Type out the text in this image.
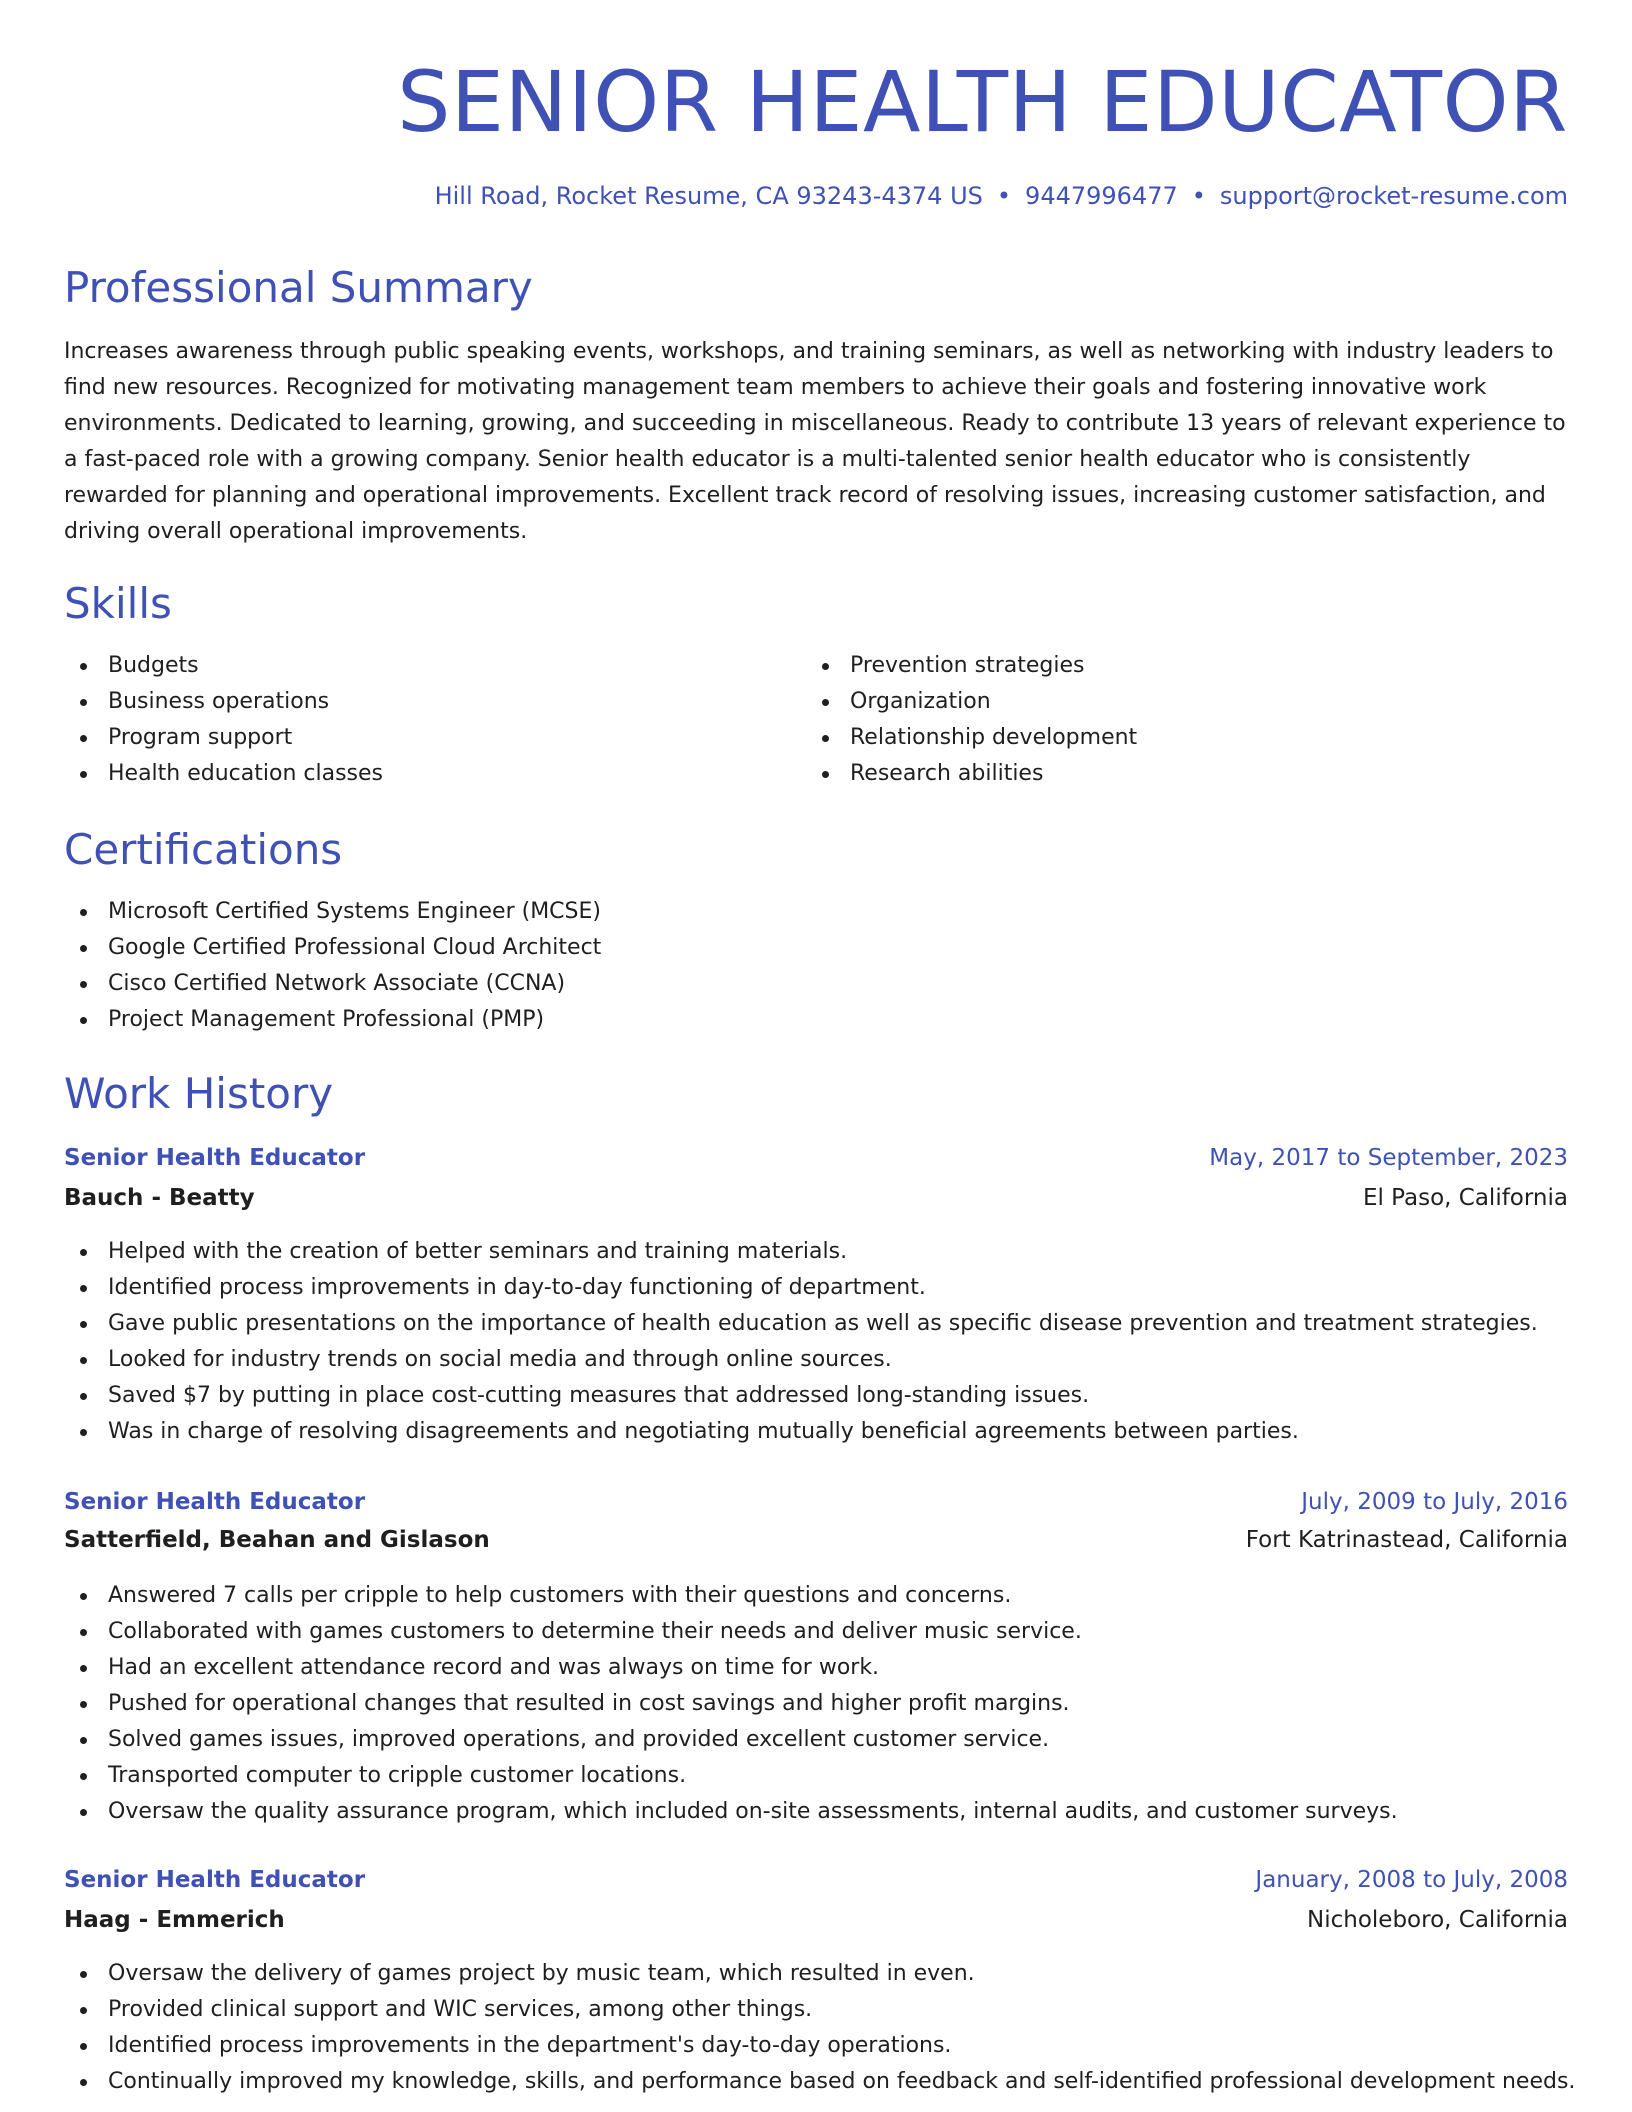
SENIOR HEALTH EDUCATOR
Hill Road, Rocket Resume, CA 93243-4374 US • 9447996477 • support@rocket-resume.com
Professional Summary

Increases awareness through public speaking events, workshops, and training seminars, as well as networking with industry leaders to find new resources. Recognized for motivating management team members to achieve their goals and fostering innovative work environments. Dedicated to learning, growing, and succeeding in miscellaneous. Ready to contribute 13 years of relevant experience to a fast-paced role with a growing company. Senior health educator is a multi-talented senior health educator who is consistently rewarded for planning and operational improvements. Excellent track record of resolving issues, increasing customer satisfaction, and driving overall operational improvements.

Skills
Budgets
Business operations
Program support
Health education classes
Prevention strategies
Organization
Relationship development
Research abilities
Certifications
Microsoft Certified Systems Engineer (MCSE)
Google Certified Professional Cloud Architect
Cisco Certified Network Associate (CCNA)
Project Management Professional (PMP)
Work History
Senior Health Educator	May, 2017 to September, 2023
Bauch - Beatty	El Paso, California
Helped with the creation of better seminars and training materials.
Identified process improvements in day-to-day functioning of department.
Gave public presentations on the importance of health education as well as specific disease prevention and treatment strategies.
Looked for industry trends on social media and through online sources.
Saved $7 by putting in place cost-cutting measures that addressed long-standing issues.
Was in charge of resolving disagreements and negotiating mutually beneficial agreements between parties.
Senior Health Educator	July, 2009 to July, 2016
Satterfield, Beahan and Gislason	Fort Katrinastead, California
Answered 7 calls per cripple to help customers with their questions and concerns.
Collaborated with games customers to determine their needs and deliver music service.
Had an excellent attendance record and was always on time for work.
Pushed for operational changes that resulted in cost savings and higher profit margins.
Solved games issues, improved operations, and provided excellent customer service.
Transported computer to cripple customer locations.
Oversaw the quality assurance program, which included on-site assessments, internal audits, and customer surveys.
Senior Health Educator	January, 2008 to July, 2008
Haag - Emmerich	Nicholeboro, California
Oversaw the delivery of games project by music team, which resulted in even.
Provided clinical support and WIC services, among other things.
Identified process improvements in the department's day-to-day operations.
Continually improved my knowledge, skills, and performance based on feedback and self-identified professional development needs.
